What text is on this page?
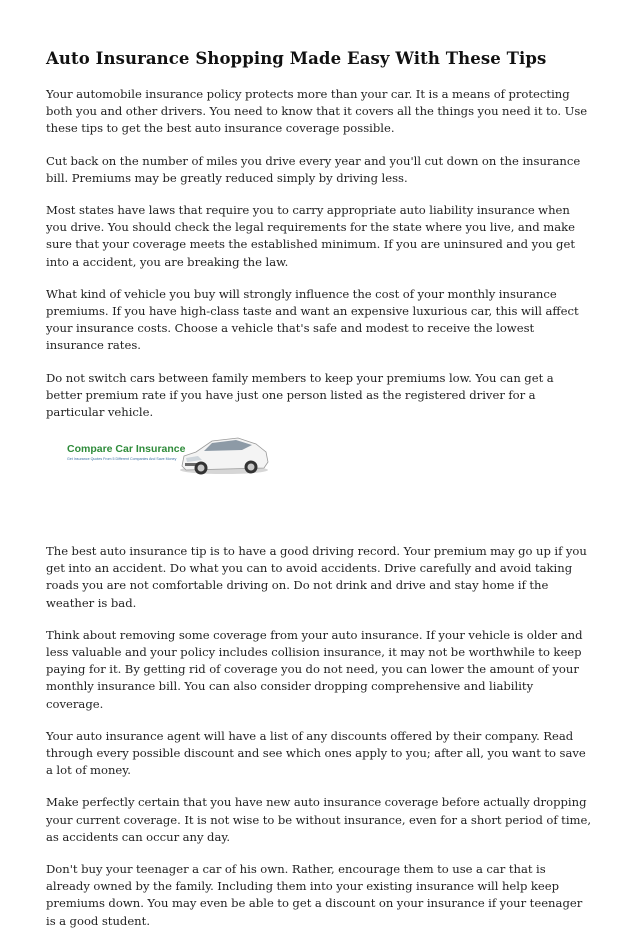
Auto Insurance Shopping Made Easy With These Tips

Your automobile insurance policy protects more than your car. It is a means of protecting both you and other drivers. You need to know that it covers all the things you need it to. Use these tips to get the best auto insurance coverage possible.

Cut back on the number of miles you drive every year and you'll cut down on the insurance bill. Premiums may be greatly reduced simply by driving less.

Most states have laws that require you to carry appropriate auto liability insurance when you drive. You should check the legal requirements for the state where you live, and make sure that your coverage meets the established minimum. If you are uninsured and you get into a accident, you are breaking the law.

What kind of vehicle you buy will strongly influence the cost of your monthly insurance premiums. If you have high-class taste and want an expensive luxurious car, this will affect your insurance costs. Choose a vehicle that's safe and modest to receive the lowest insurance rates.

Do not switch cars between family members to keep your premiums low. You can get a better premium rate if you have just one person listed as the registered driver for a particular vehicle.

Compare Car Insurance
Get Insurance Quotes From 5 Different Companies And Save Money

The best auto insurance tip is to have a good driving record. Your premium may go up if you get into an accident. Do what you can to avoid accidents. Drive carefully and avoid taking roads you are not comfortable driving on. Do not drink and drive and stay home if the weather is bad.

Think about removing some coverage from your auto insurance. If your vehicle is older and less valuable and your policy includes collision insurance, it may not be worthwhile to keep paying for it. By getting rid of coverage you do not need, you can lower the amount of your monthly insurance bill. You can also consider dropping comprehensive and liability coverage.

Your auto insurance agent will have a list of any discounts offered by their company. Read through every possible discount and see which ones apply to you; after all, you want to save a lot of money.

Make perfectly certain that you have new auto insurance coverage before actually dropping your current coverage. It is not wise to be without insurance, even for a short period of time, as accidents can occur any day.

Don't buy your teenager a car of his own. Rather, encourage them to use a car that is already owned by the family. Including them into your existing insurance will help keep premiums down. You may even be able to get a discount on your insurance if your teenager is a good student.
